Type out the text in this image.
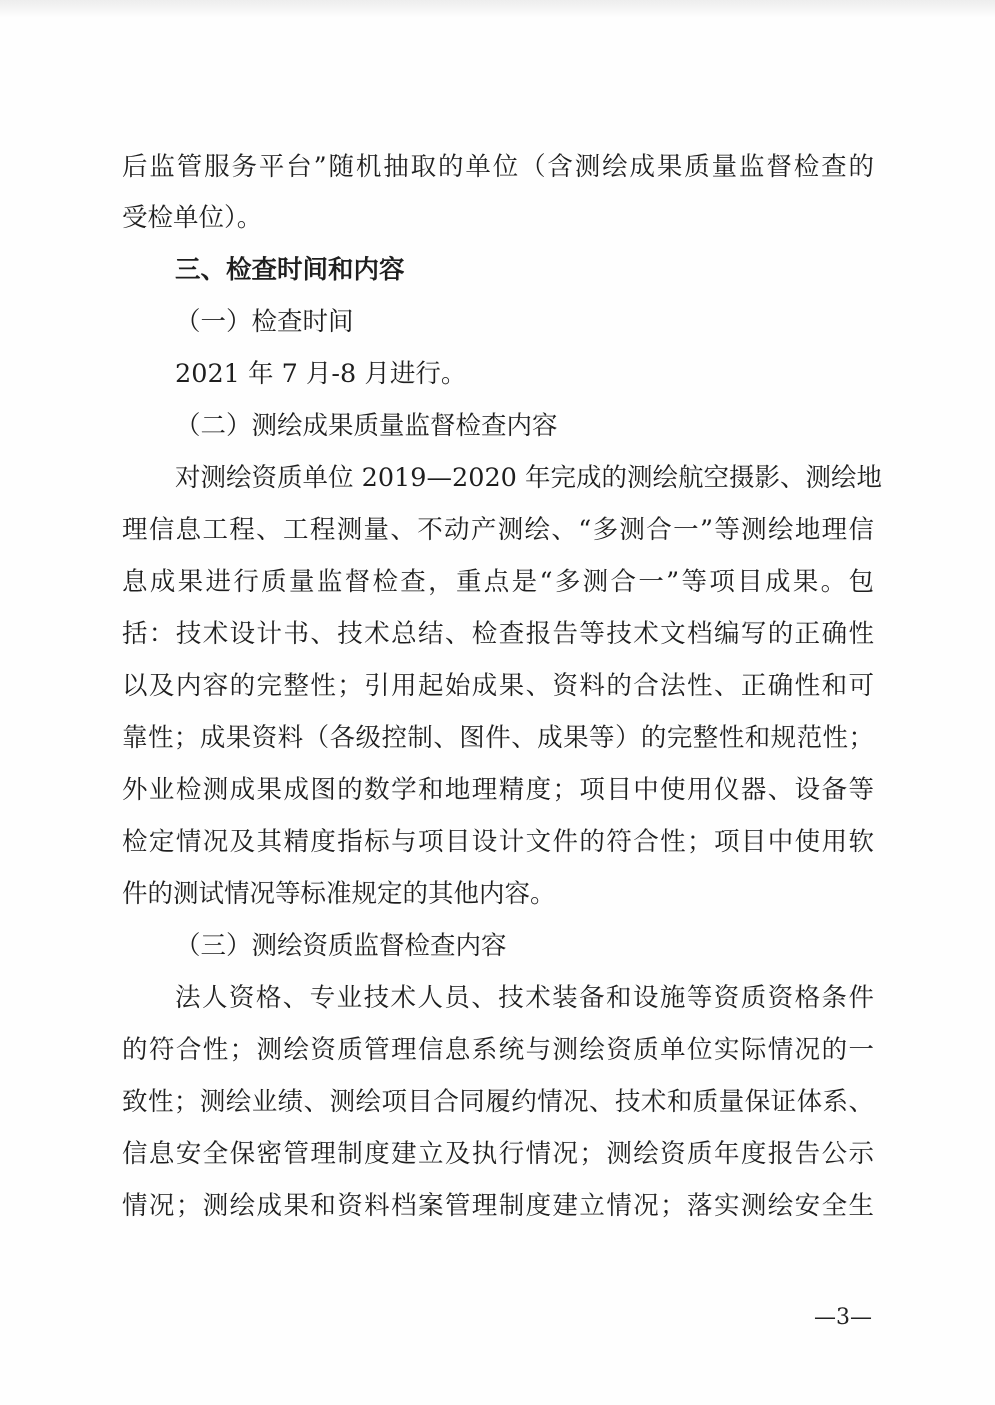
后监管服务平台”随机抽取的单位（含测绘成果质量监督检查的
受检单位）。
三、检查时间和内容
（一）检查时间
2021 年 7 月-8 月进行。
（二）测绘成果质量监督检查内容
对测绘资质单位 2019—2020 年完成的测绘航空摄影、测绘地
理信息工程、工程测量、不动产测绘、“多测合一”等测绘地理信
息成果进行质量监督检查，重点是“多测合一”等项目成果。包
括：技术设计书、技术总结、检查报告等技术文档编写的正确性
以及内容的完整性；引用起始成果、资料的合法性、正确性和可
靠性；成果资料（各级控制、图件、成果等）的完整性和规范性；
外业检测成果成图的数学和地理精度；项目中使用仪器、设备等
检定情况及其精度指标与项目设计文件的符合性；项目中使用软
件的测试情况等标准规定的其他内容。
（三）测绘资质监督检查内容
法人资格、专业技术人员、技术装备和设施等资质资格条件
的符合性；测绘资质管理信息系统与测绘资质单位实际情况的一
致性；测绘业绩、测绘项目合同履约情况、技术和质量保证体系、
信息安全保密管理制度建立及执行情况；测绘资质年度报告公示
情况；测绘成果和资料档案管理制度建立情况；落实测绘安全生
—3—
